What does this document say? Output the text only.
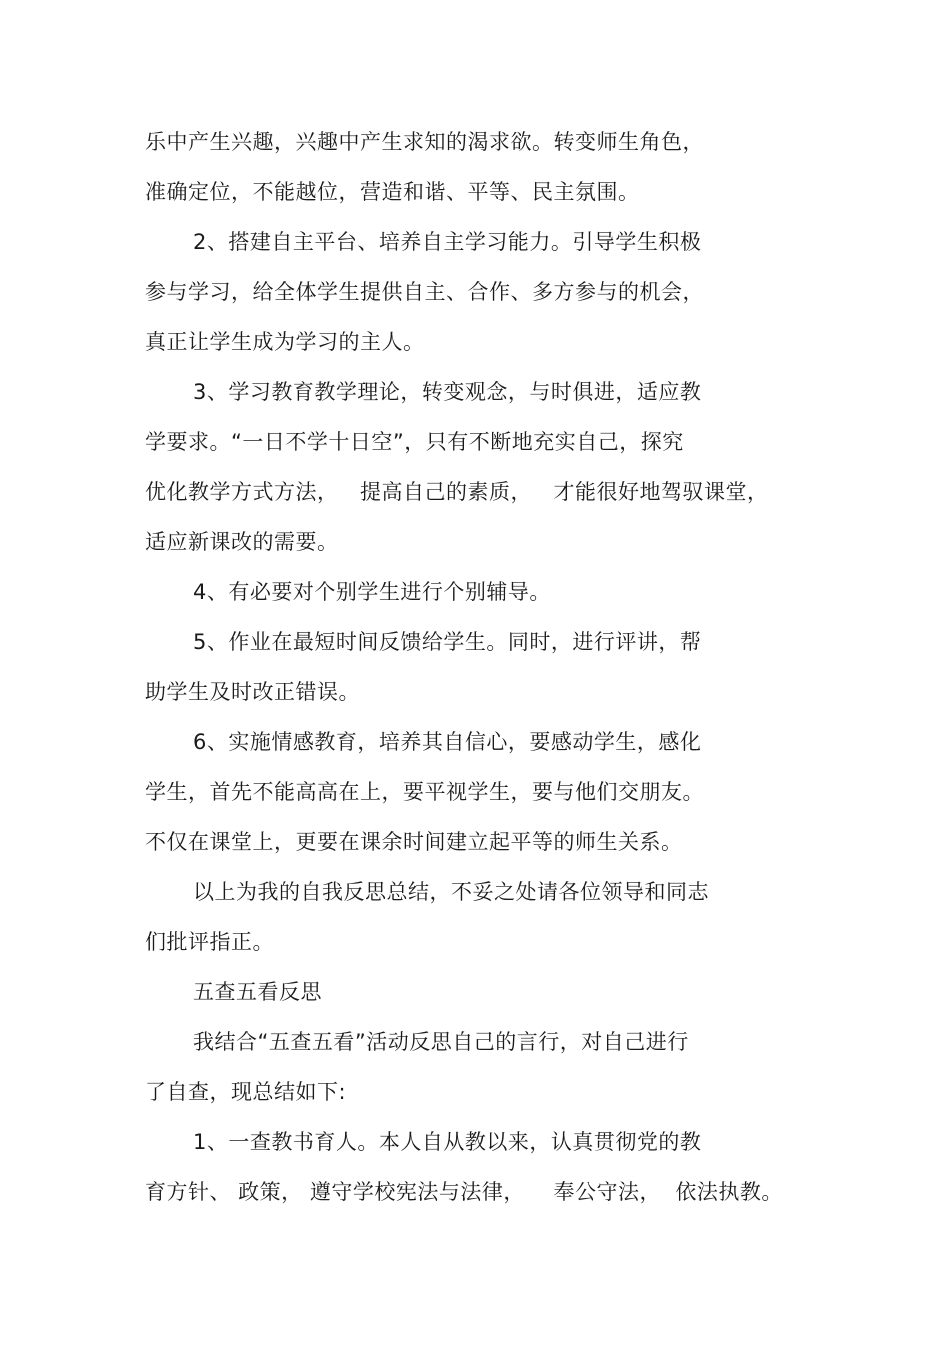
乐中产生兴趣，兴趣中产生求知的渴求欲。转变师生角色，
准确定位，不能越位，营造和谐、平等、民主氛围。
2、搭建自主平台、培养自主学习能力。引导学生积极
参与学习，给全体学生提供自主、合作、多方参与的机会，
真正让学生成为学习的主人。
3、学习教育教学理论，转变观念，与时俱进，适应教
学要求。“一日不学十日空”，只有不断地充实自己，探究
优化教学方式方法，   提高自己的素质，   才能很好地驾驭课堂，
适应新课改的需要。
4、有必要对个别学生进行个别辅导。
5、作业在最短时间反馈给学生。同时，进行评讲，帮
助学生及时改正错误。
6、实施情感教育，培养其自信心，要感动学生，感化
学生，首先不能高高在上，要平视学生，要与他们交朋友。
不仅在课堂上，更要在课余时间建立起平等的师生关系。
以上为我的自我反思总结，不妥之处请各位领导和同志
们批评指正。
五查五看反思
我结合“五查五看”活动反思自己的言行，对自己进行
了自查，现总结如下:
1、一查教书育人。本人自从教以来，认真贯彻党的教
育方针、 政策， 遵守学校宪法与法律，    奉公守法，  依法执教。
